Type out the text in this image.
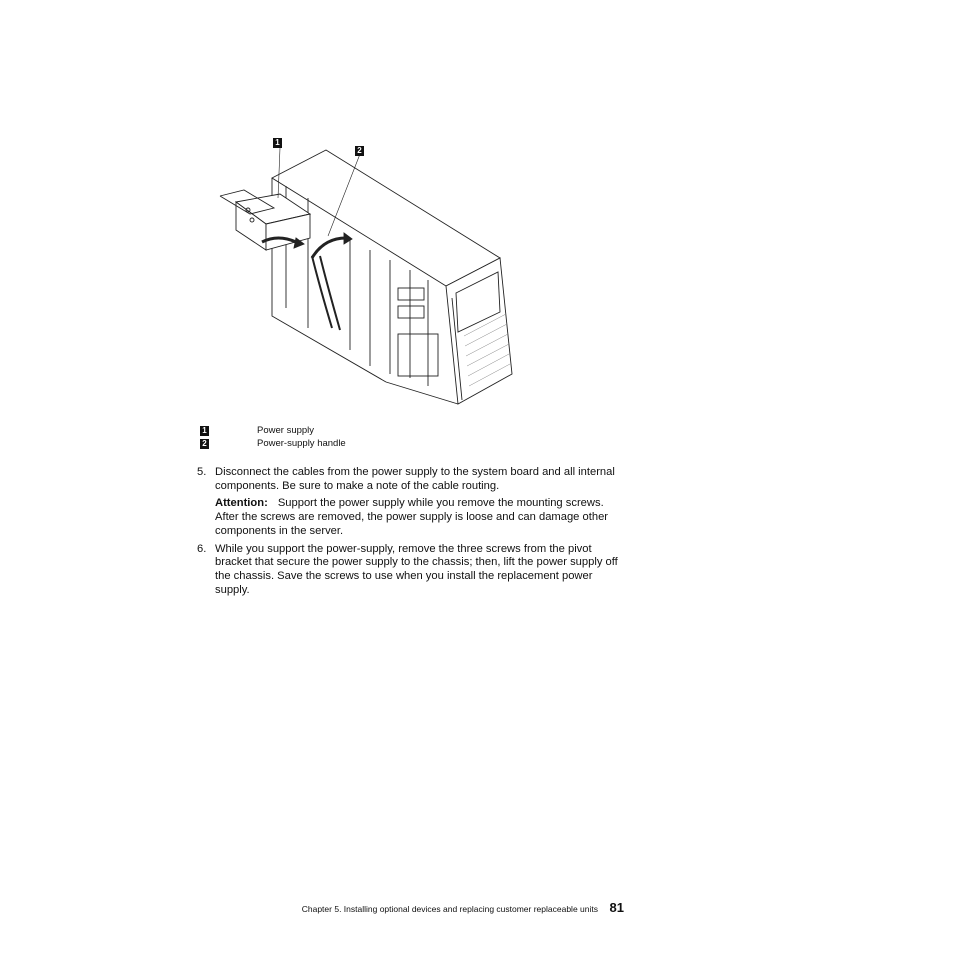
1
2
1	Power supply
2	Power-supply handle
5. Disconnect the cables from the power supply to the system board and all internal components. Be sure to make a note of the cable routing.
Attention: Support the power supply while you remove the mounting screws. After the screws are removed, the power supply is loose and can damage other components in the server.
6. While you support the power-supply, remove the three screws from the pivot bracket that secure the power supply to the chassis; then, lift the power supply off the chassis. Save the screws to use when you install the replacement power supply.
Chapter 5. Installing optional devices and replacing customer replaceable units 81
